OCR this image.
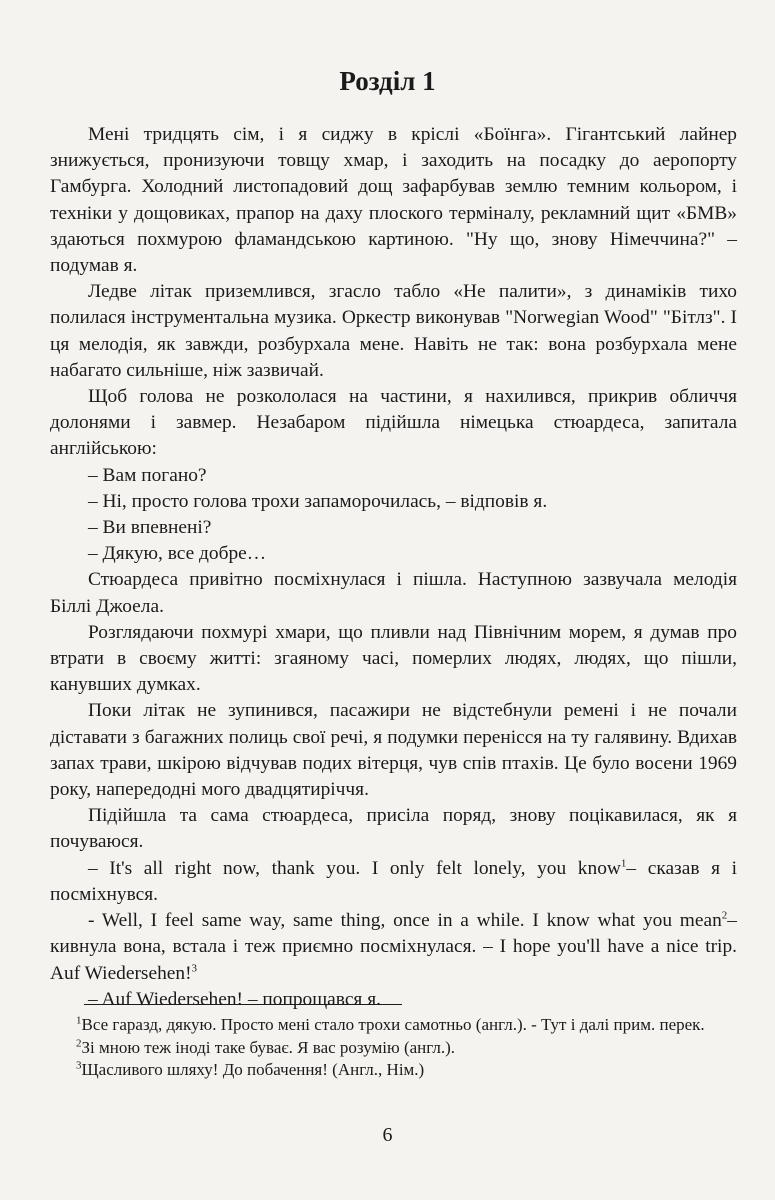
Розділ 1

Мені тридцять сім, і я сиджу в кріслі «Боїнга». Гігантський лайнер знижується, пронизуючи товщу хмар, і заходить на посадку до аеропорту Гамбурга. Холодний листопадовий дощ зафарбував землю темним кольором, і техніки у дощовиках, прапор на даху плоского терміналу, рекламний щит «БМВ» здаються похмурою фламандською картиною. "Ну що, знову Німеччина?" – подумав я.

Ледве літак приземлився, згасло табло «Не палити», з динаміків тихо полилася інструментальна музика. Оркестр виконував "Norwegian Wood" "Бітлз". І ця мелодія, як завжди, розбурхала мене. Навіть не так: вона розбурхала мене набагато сильніше, ніж зазвичай.

Щоб голова не розкололася на частини, я нахилився, прикрив обличчя долонями і завмер. Незабаром підійшла німецька стюардеса, запитала англійською:

– Вам погано?

– Ні, просто голова трохи запаморочилась, – відповів я.

– Ви впевнені?

– Дякую, все добре…

Стюардеса привітно посміхнулася і пішла. Наступною зазвучала мелодія Біллі Джоела.

Розглядаючи похмурі хмари, що пливли над Північним морем, я думав про втрати в своєму житті: згаяному часі, померлих людях, людях, що пішли, канувших думках.

Поки літак не зупинився, пасажири не відстебнули ремені і не почали діставати з багажних полиць свої речі, я подумки перенісся на ту галявину. Вдихав запах трави, шкірою відчував подих вітерця, чув спів птахів. Це було восени 1969 року, напередодні мого двадцятиріччя.

Підійшла та сама стюардеса, присіла поряд, знову поцікавилася, як я почуваюся.

– It's all right now, thank you. I only felt lonely, you know$^1$– сказав я і посміхнувся.

- Well, I feel same way, same thing, once in a while. I know what you mean$^2$– кивнула вона, встала і теж приємно посміхнулася. – I hope you'll have a nice trip. Auf Wiedersehen!$^3$

– Auf Wiedersehen! – попрощався я.

$^1$Все гаразд, дякую. Просто мені стало трохи самотньо (англ.). - Тут і далі прим. перек.

$^2$Зі мною теж іноді таке буває. Я вас розумію (англ.).

$^3$Щасливого шляху! До побачення! (Англ., Нім.)

6
